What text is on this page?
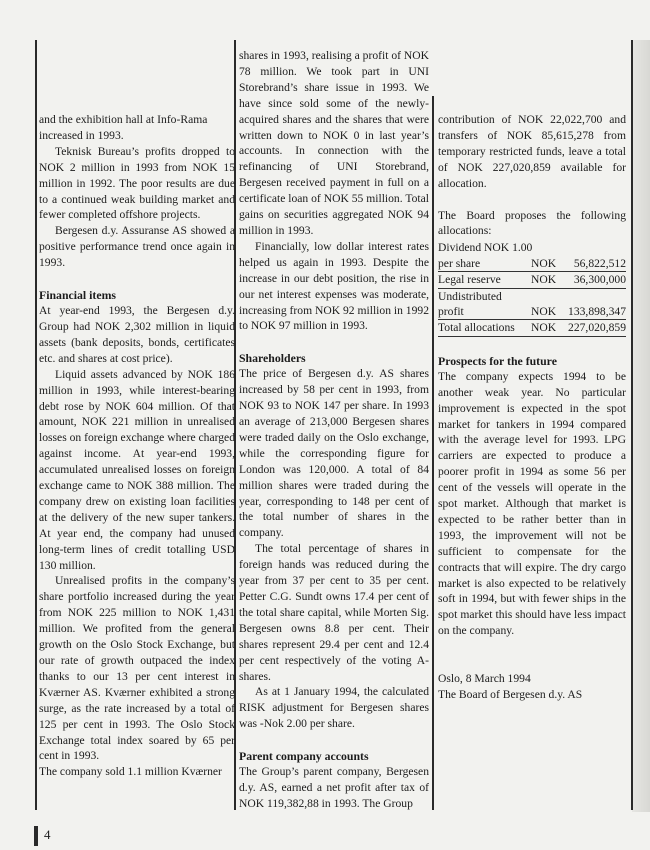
and the exhibition hall at Info-Rama increased in 1993.

Teknisk Bureau’s profits dropped to NOK 2 million in 1993 from NOK 15 million in 1992. The poor results are due to a continued weak building market and fewer completed offshore projects.

Bergesen d.y. Assuranse AS showed a positive performance trend once again in 1993.

Financial items

At year-end 1993, the Bergesen d.y. Group had NOK 2,302 million in liquid assets (bank deposits, bonds, certificates etc. and shares at cost price).

Liquid assets advanced by NOK 186 million in 1993, while interest-bearing debt rose by NOK 604 million. Of that amount, NOK 221 million in unrealised losses on foreign exchange where charged against income. At year-end 1993, accumulated unrealised losses on foreign exchange came to NOK 388 million. The company drew on existing loan facilities at the delivery of the new super tankers. At year end, the company had unused long-term lines of credit totalling USD 130 million.

Unrealised profits in the company’s share portfolio increased during the year from NOK 225 million to NOK 1,431 million. We profited from the general growth on the Oslo Stock Exchange, but our rate of growth outpaced the index thanks to our 13 per cent interest in Kværner AS. Kværner exhibited a strong surge, as the rate increased by a total of 125 per cent in 1993. The Oslo Stock Exchange total index soared by 65 per cent in 1993.

The company sold 1.1 million Kværner

shares in 1993, realising a profit of NOK 78 million. We took part in UNI Storebrand’s share issue in 1993. We have since sold some of the newly-acquired shares and the shares that were written down to NOK 0 in last year’s accounts. In connection with the refinancing of UNI Storebrand, Bergesen received payment in full on a certificate loan of NOK 55 million. Total gains on securities aggregated NOK 94 million in 1993.

Financially, low dollar interest rates helped us again in 1993. Despite the increase in our debt position, the rise in our net interest expenses was moderate, increasing from NOK 92 million in 1992 to NOK 97 million in 1993.

Shareholders

The price of Bergesen d.y. AS shares increased by 58 per cent in 1993, from NOK 93 to NOK 147 per share. In 1993 an average of 213,000 Bergesen shares were traded daily on the Oslo exchange, while the corresponding figure for London was 120,000. A total of 84 million shares were traded during the year, corresponding to 148 per cent of the total number of shares in the company.

The total percentage of shares in foreign hands was reduced during the year from 37 per cent to 35 per cent. Petter C.G. Sundt owns 17.4 per cent of the total share capital, while Morten Sig. Bergesen owns 8.8 per cent. Their shares represent 29.4 per cent and 12.4 per cent respectively of the voting A-shares.

As at 1 January 1994, the calculated RISK adjustment for Bergesen shares was -Nok 2.00 per share.

Parent company accounts

The Group’s parent company, Bergesen d.y. AS, earned a net profit after tax of NOK 119,382,88 in 1993. The Group

contribution of NOK 22,022,700 and transfers of NOK 85,615,278 from temporary restricted funds, leave a total of NOK 227,020,859 available for allocation.

The Board proposes the following allocations:

Dividend NOK 1.00		
per share	NOK	56,822,512
Legal reserve	NOK	36,300,000
Undistributed		
profit	NOK	133,898,347
Total allocations	NOK	227,020,859
Prospects for the future

The company expects 1994 to be another weak year. No particular improvement is expected in the spot market for tankers in 1994 compared with the average level for 1993. LPG carriers are expected to produce a poorer profit in 1994 as some 56 per cent of the vessels will operate in the spot market. Although that market is expected to be rather better than in 1993, the improvement will not be sufficient to compensate for the contracts that will expire. The dry cargo market is also expected to be relatively soft in 1994, but with fewer ships in the spot market this should have less impact on the company.

Oslo, 8 March 1994

The Board of Bergesen d.y. AS

4
